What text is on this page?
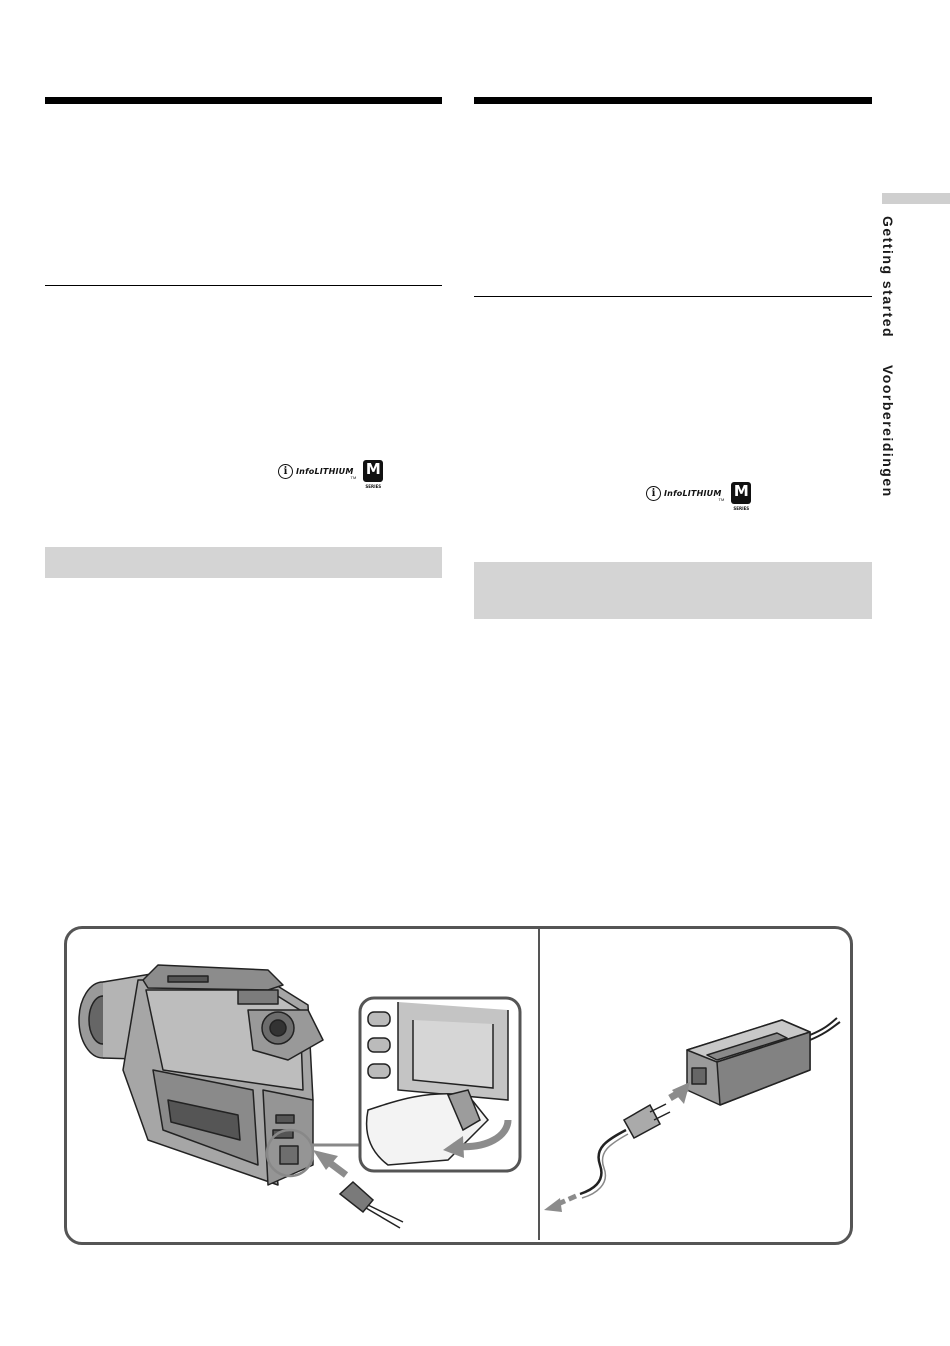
i	InfoLITHIUM
TM M
SERIES
i	InfoLITHIUM
TM M
SERIES
Getting started
Voorbereidingen
